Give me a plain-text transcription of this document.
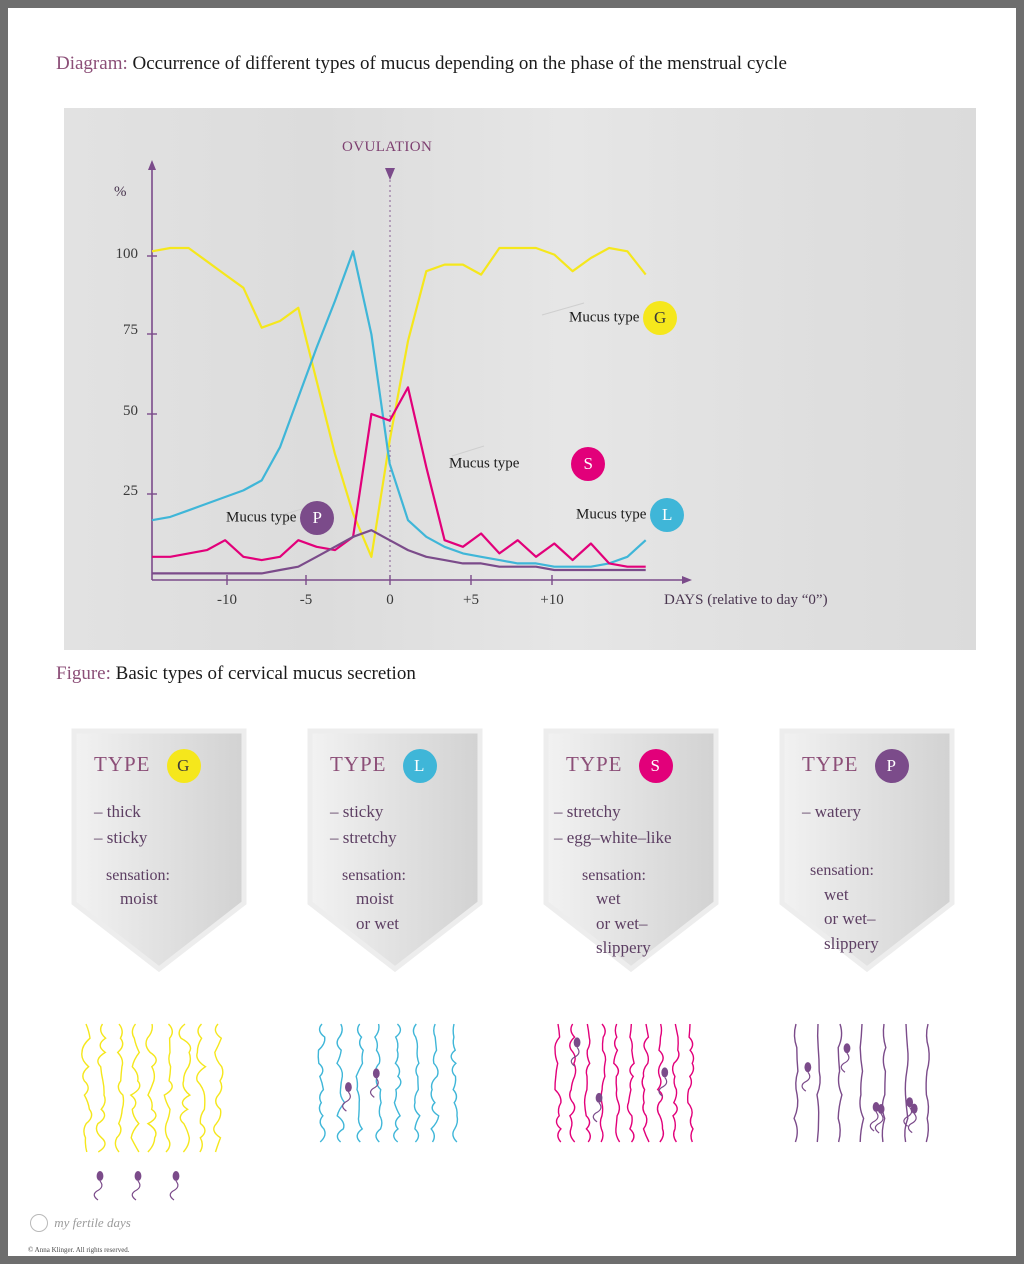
Diagram: Occurrence of different types of mucus depending on the phase of the menstrual cycle
OVULATION
%
100
75
50
25
-10	-5	0	+5	+10	DAYS (relative to day “0”)
Mucus type G
Mucus type	S
Mucus type P	Mucus type L
Figure: Basic types of cervical mucus secretion
TYPE G
– thick
– sticky
sensation:
moist
TYPE L
– sticky
– stretchy
sensation:
moist
or wet
TYPE S
– stretchy
– egg–white–like
sensation:
wet
or wet–
slippery
TYPE P
– watery
sensation:
wet
or wet–
slippery
my fertile days
© Anna Klinger. All rights reserved.
